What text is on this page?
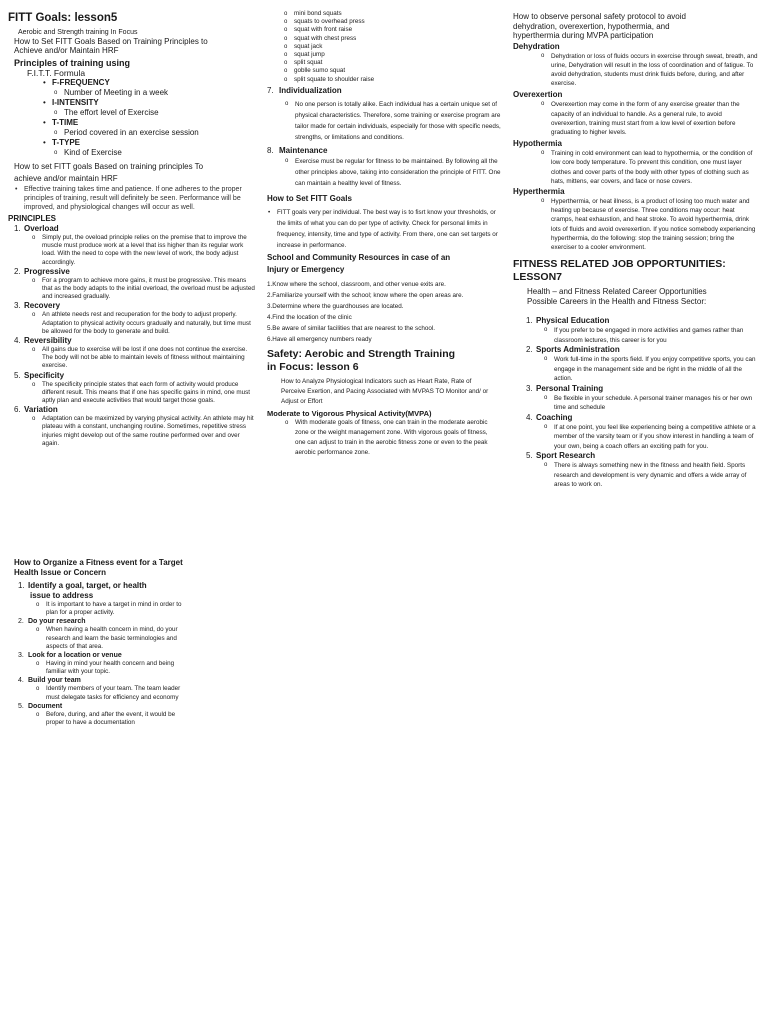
FITT Goals: lesson5

Aerobic and Strength training In Focus

How to Set FITT Goals Based on Training Principles to

Achieve and/or Maintain HRF

Principles of training using

F.I.T.T. Formula

• F-FREQUENCY
o Number of Meeting in a week
• I-INTENSITY
o The effort level of Exercise
• T-TIME
o Period covered in an exercise session
• T-TYPE
o Kind of Exercise

How to set FITT goals Based on training principles To

achieve and/or maintain HRF

• Effective training takes time and patience. If one adheres to the proper principles of training, result will definitely be seen. Performance will be improved, and physiological changes will occur as well.

PRINCIPLES

1. Overload
o Simply put, the oveload principle relies on the premise that to improve the muscle must produce work at a level that iss higher than its regular work load. With the need to cope with the new level of work, the body adjust accordingly.
2. Progressive
o For a program to achieve more gains, it must be progressive. This means that as the body adapts to the initial overload, the overload must be adjusted and increased gradually.
3. Recovery
o An athlete needs rest and recuperation for the body to adjust properly. Adaptation to physical activity occurs gradually and naturally, but time must be allowed for the body to generate and build.
4. Reversibility
o All gains due to exercise will be lost if one does not continue the exercise. The body will not be able to maintain levels of fitness without maintaining exercise.
5. Specificity
o The specificity principle states that each form of activity would produce different result. This means that if one has specific gains in mind, one must aptly plan and execute activities that would target those goals.
6. Variation
o Adaptation can be maximized by varying physical activity. An athlete may hit plateau with a constant, unchanging routine. Sometimes, repetitive stress injuries might develop out of the same routine performed over and over again.

How to Organize a Fitness event for a Target

Health Issue or Concern

1. Identify a goal, target, or health
issue to address
o It is important to have a target in mind in order to plan for a proper activity.
2. Do your research
o When having a health concern in mind, do your research and learn the basic terminologies and aspects of that area.
3. Look for a location or venue
o Having in mind your health concern and being familiar with your topic.
4. Build your team
o Identify members of your team. The team leader must delegate tasks for efficiency and economy
5. Document
o Before, during, and after the event, it would be proper to have a documentation
o mini bond squats
o squats to overhead press
o squat with front raise
o squat with chest press
o squat jack
o squat jump
o split squat
o goblle sumo squat
o split squate to shoulder raise
7. Individualization
o No one person is totally alike. Each individual has a certain unique set of physical characteristics. Therefore, some training or exercise program are tailor made for certain individuals, especially for those with specific needs, strengths, or limitations and conditions.
8. Maintenance
o Exercise must be regular for fitness to be maintained. By following all the other principles above, taking into consideration the principle of FITT. One can maintain a healthy level of fitness.

How to Set FITT Goals

• FITT goals very per individual. The best way is to fisrt know your thresholds, or the limits of what you can do per type of activity. Check for personal limits in frequency, intensity, time and type of activity. From there, one can set targets or increase in performance.

School and Community Resources in case of an

Injury or Emergency

1.Know where the school, classroom, and other venue exits are.
2.Familiarize yourself with the school; know where the open areas are.
3.Determine where the guardhouses are located.
4.Find the location of the clinic
5.Be aware of similar facilities that are nearest to the school.
6.Have all emergency numbers ready

Safety: Aerobic and Strength Training

in Focus: lesson 6

How to Analyze Physiological Indicators such as Heart Rate, Rate of Perceive Exertion, and Pacing Associated with MVPAS TO Monitor and/ or Adjust or Effort

Moderate to Vigorous Physical Activity(MVPA)

o With moderate goals of fitness, one can train in the moderate aerobic zone or the weight management zone. With vigorous goals of fitness, one can adjust to train in the aerobic fitness zone or even to the peak aerobic performance zone.

How to observe personal safety protocol to avoid

dehydration, overexertion, hypothermia, and

hyperthermia during MVPA participation

Dehydration

o Dehydration or loss of fluids occurs in exercise through sweat, breath, and urine, Dehydration will result in the loss of coordination and of fatigue. To avoid dehydration, students must drink fluids before, during, and after exercise.

Overexertion

o Overexertion may come in the form of any exercise greater than the capacity of an individual to handle. As a general rule, to avoid overexertion, training must start from a low level of exertion before graduating to higher levels.

Hypothermia

o Training in cold environment can lead to hypothermia, or the condition of low core body temperature. To prevent this condition, one must layer clothes and cover parts of the body with other types of clothing such as hats, mittens, ear covers, and face or nose covers.

Hyperthermia

o Hyperthermia, or heat illness, is a product of losing too much water and heating up because of exercise. Three conditions may occur: heat cramps, heat exhaustion, and heat stroke. To avoid hyperthermia, drink lots of fluids and avoid overexertion. If you notice somebody experiencing hyperthermia, do the following: stop the training session; bring the exerciser to a cooler environment.

FITNESS RELATED JOB OPPORTUNITIES:

LESSON7

Health – and Fitness Related Career Opportunities

Possible Careers in the Health and Fitness Sector:

1. Physical Education
o If you prefer to be engaged in more activities and games rather than classroom lectures, this career is for you
2. Sports Administration
o Work full-time in the sports field. If you enjoy competitive sports, you can engage in the management side and be right in the middle of all the action.
3. Personal Training
o Be flexible in your schedule. A personal trainer manages his or her own time and schedule
4. Coaching
o If at one point, you feel like experiencing being a competitive athlete or a member of the varsity team or if you show interest in handling a team of your own, being a coach offers an exciting path for you.
5. Sport Research
o There is always something new in the fitness and health field. Sports research and development is very dynamic and offers a wide array of areas to work on.
